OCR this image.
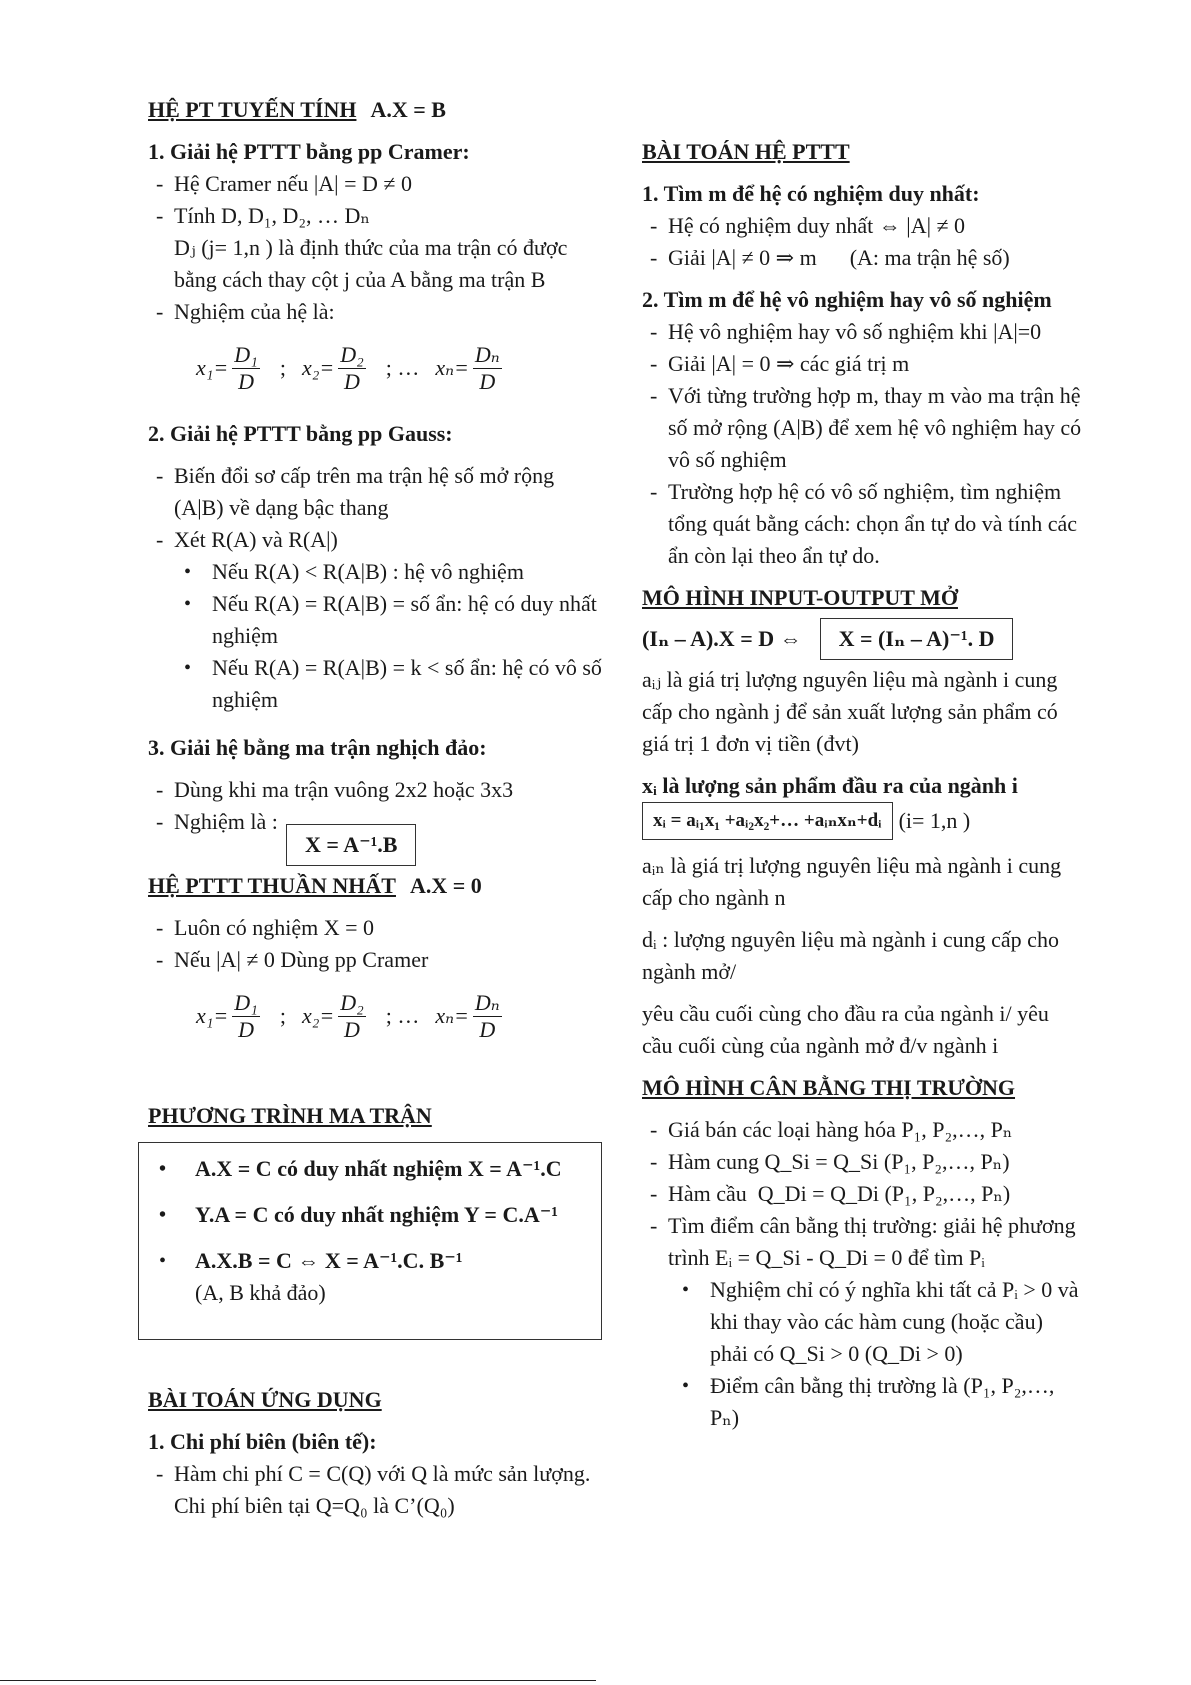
HỆ PT TUYẾN TÍNH A.X = B

1. Giải hệ PTTT bằng pp Cramer:

- Hệ Cramer nếu |A| = D ≠ 0
- Tính D, D₁, D₂, … Dₙ

Dⱼ (j= 1,n ) là định thức của ma trận có được bằng cách thay cột j của A bằng ma trận B

- Nghiệm của hệ là:
$x_1= \frac{\text{D₁}}{D}$ ; $x_2= \frac{\text{D₂}}{D}$ ; … $x_n= \frac{\text{Dₙ}}{D}$

2. Giải hệ PTTT bằng pp Gauss:

- Biến đổi sơ cấp trên ma trận hệ số mở rộng (A|B) về dạng bậc thang
- Xét R(A) và R(A|)
• Nếu R(A) < R(A|B) : hệ vô nghiệm
• Nếu R(A) = R(A|B) = số ẩn: hệ có duy nhất nghiệm
• Nếu R(A) = R(A|B) = k < số ẩn: hệ có vô số nghiệm

3. Giải hệ bằng ma trận nghịch đảo:

- Dùng khi ma trận vuông 2x2 hoặc 3x3
- Nghiệm là :
X = A⁻¹.B

HỆ PTTT THUẦN NHẤT A.X = 0

- Luôn có nghiệm X = 0
- Nếu |A| ≠ 0 Dùng pp Cramer
$x_1= \frac{\text{D₁}}{D}$ ; $x_2= \frac{\text{D₂}}{D}$ ; … $x_n= \frac{\text{Dₙ}}{D}$

PHƯƠNG TRÌNH MA TRẬN

• A.X = C có duy nhất nghiệm X = A⁻¹.C
• Y.A = C có duy nhất nghiệm Y = C.A⁻¹
• A.X.B = C ⇔ X = A⁻¹.C. B⁻¹
(A, B khả đảo)

BÀI TOÁN ỨNG DỤNG

1. Chi phí biên (biên tế):

- Hàm chi phí C = C(Q) với Q là mức sản lượng. Chi phí biên tại Q=Q₀ là C’(Q₀)

BÀI TOÁN HỆ PTTT

1. Tìm m để hệ có nghiệm duy nhất:

- Hệ có nghiệm duy nhất ⇔ |A| ≠ 0
- Giải |A| ≠ 0 ⇒ m      (A: ma trận hệ số)

2. Tìm m để hệ vô nghiệm hay vô số nghiệm

- Hệ vô nghiệm hay vô số nghiệm khi |A|=0
- Giải |A| = 0 ⇒ các giá trị m
- Với từng trường hợp m, thay m vào ma trận hệ số mở rộng (A|B) để xem hệ vô nghiệm hay có vô số nghiệm
- Trường hợp hệ có vô số nghiệm, tìm nghiệm tổng quát bằng cách: chọn ẩn tự do và tính các ẩn còn lại theo ẩn tự do.

MÔ HÌNH INPUT-OUTPUT MỞ

(Iₙ – A).X = D ⇔	X = (Iₙ – A)⁻¹. D

aᵢⱼ là giá trị lượng nguyên liệu mà ngành i cung cấp cho ngành j để sản xuất lượng sản phẩm có giá trị 1 đơn vị tiền (đvt)

xᵢ là lượng sản phẩm đầu ra của ngành i

xᵢ = aᵢ₁x₁ +aᵢ₂x₂+… +aᵢₙxₙ+dᵢ (i= 1,n )

aᵢₙ là giá trị lượng nguyên liệu mà ngành i cung cấp cho ngành n

dᵢ : lượng nguyên liệu mà ngành i cung cấp cho ngành mở/

yêu cầu cuối cùng cho đầu ra của ngành i/ yêu cầu cuối cùng của ngành mở đ/v ngành i

MÔ HÌNH CÂN BẰNG THỊ TRƯỜNG

- Giá bán các loại hàng hóa P₁, P₂,…, Pₙ
- Hàm cung Q_Si = Q_Si (P₁, P₂,…, Pₙ)
- Hàm cầu  Q_Di = Q_Di (P₁, P₂,…, Pₙ)
- Tìm điểm cân bằng thị trường: giải hệ phương trình Eᵢ = Q_Si - Q_Di = 0 để tìm Pᵢ
• Nghiệm chỉ có ý nghĩa khi tất cả Pᵢ > 0 và khi thay vào các hàm cung (hoặc cầu) phải có Q_Si > 0 (Q_Di > 0)
• Điểm cân bằng thị trường là (P₁, P₂,…, Pₙ)
